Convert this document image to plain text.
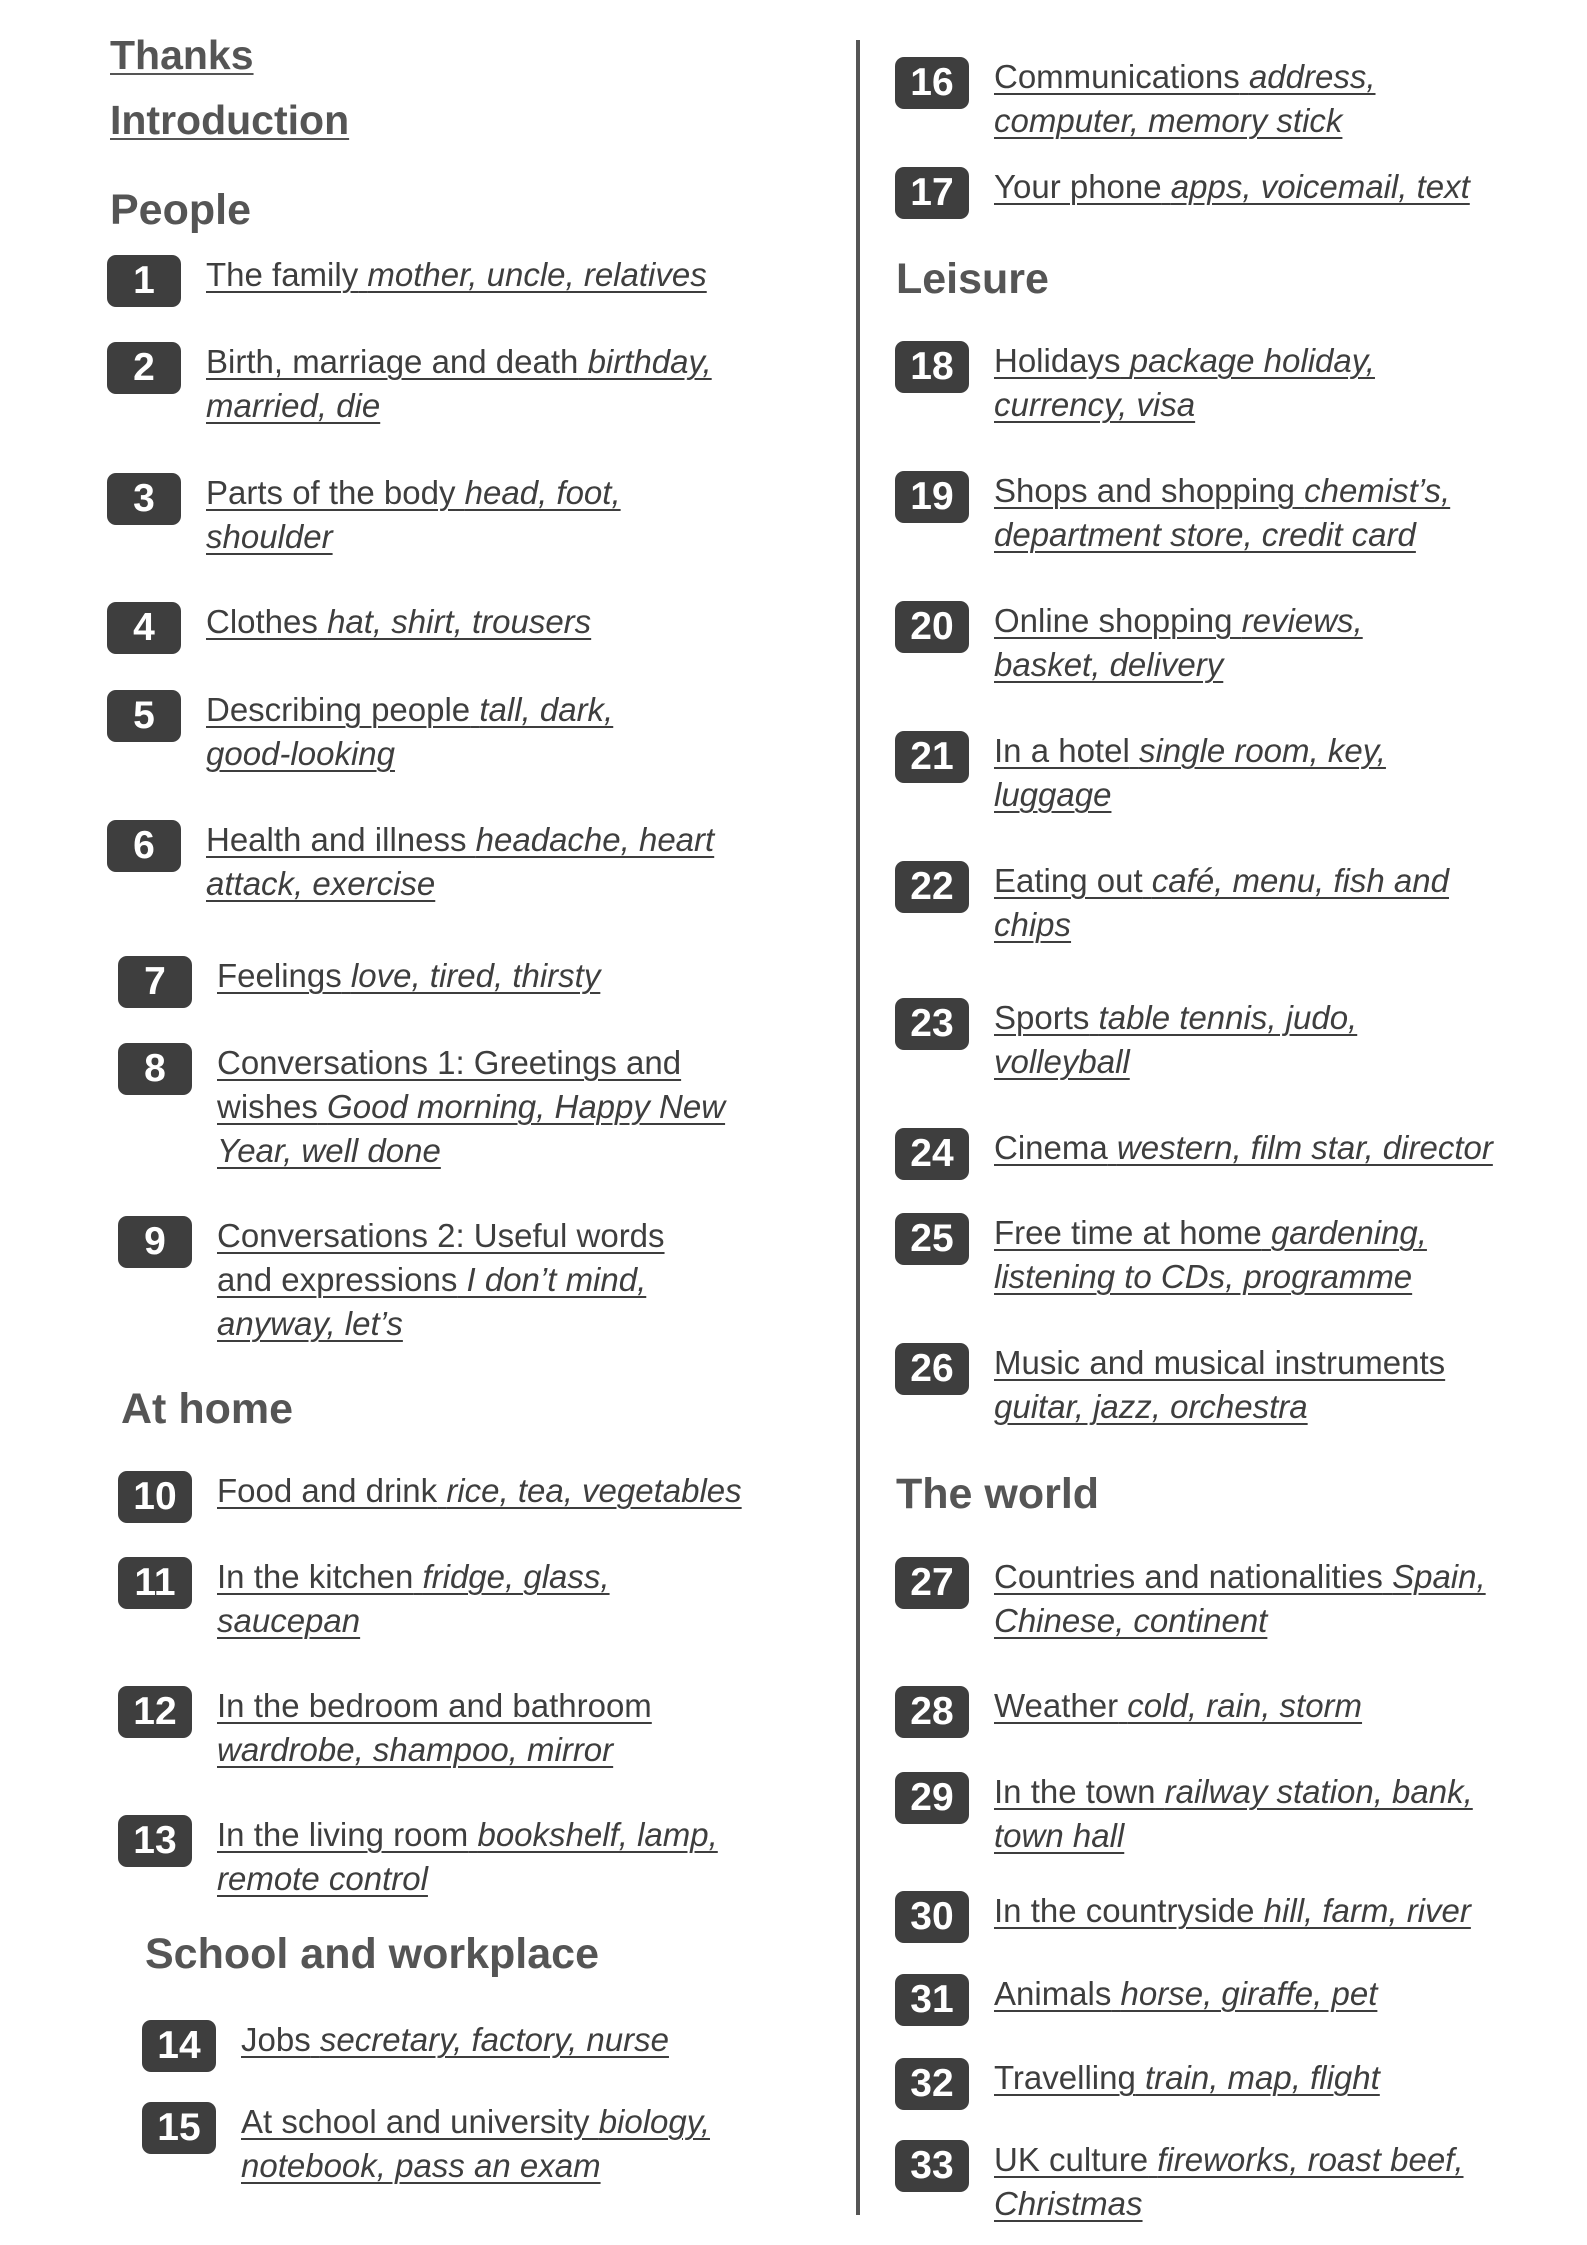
Thanks
Introduction
People
At home
School and workplace
Leisure
The world
1	The family mother, uncle, relatives
2	Birth, marriage and death birthday, married, die
3	Parts of the body head, foot, shoulder
4	Clothes hat, shirt, trousers
5	Describing people tall, dark, good-looking
6	Health and illness headache, heart attack, exercise
7	Feelings love, tired, thirsty
8	Conversations 1: Greetings and wishes Good morning, Happy New Year, well done
9	Conversations 2: Useful words and expressions I don’t mind, anyway, let’s
10	Food and drink rice, tea, vegetables
11	In the kitchen fridge, glass, saucepan
12	In the bedroom and bathroom wardrobe, shampoo, mirror
13	In the living room bookshelf, lamp, remote control
14	Jobs secretary, factory, nurse
15	At school and university biology, notebook, pass an exam
16	Communications address, computer, memory stick
17	Your phone apps, voicemail, text
18	Holidays package holiday, currency, visa
19	Shops and shopping chemist’s, department store, credit card
20	Online shopping reviews, basket, delivery
21	In a hotel single room, key, luggage
22	Eating out café, menu, fish and chips
23	Sports table tennis, judo, volleyball
24	Cinema western, film star, director
25	Free time at home gardening, listening to CDs, programme
26	Music and musical instruments guitar, jazz, orchestra
27	Countries and nationalities Spain, Chinese, continent
28	Weather cold, rain, storm
29	In the town railway station, bank, town hall
30	In the countryside hill, farm, river
31	Animals horse, giraffe, pet
32	Travelling train, map, flight
33	UK culture fireworks, roast beef, Christmas
